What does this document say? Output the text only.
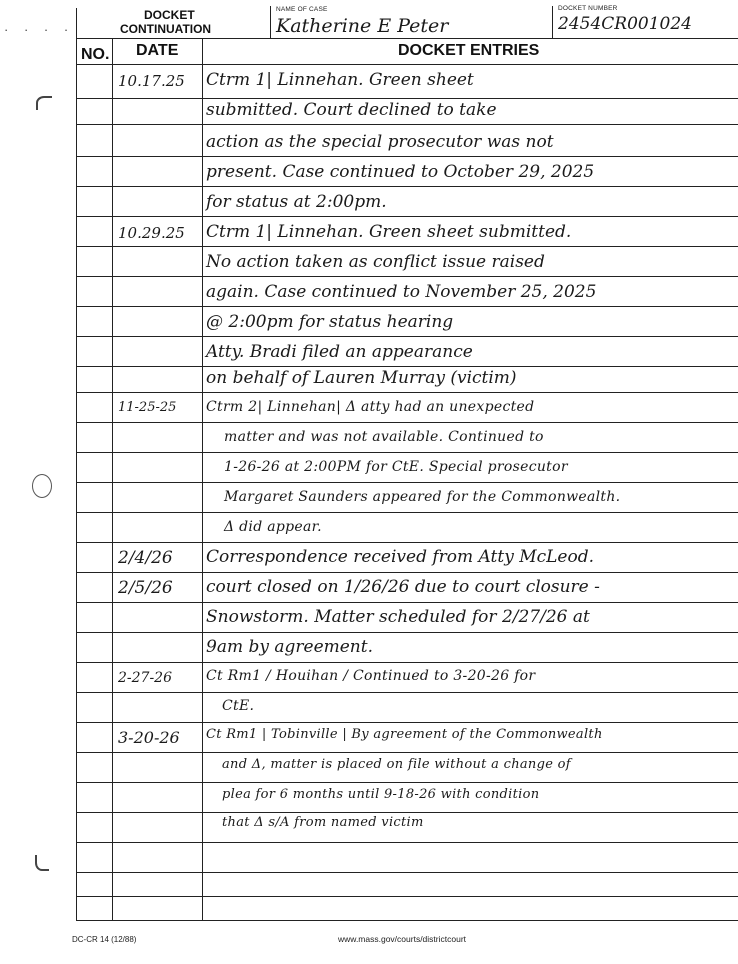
· · · ·
DOCKET
CONTINUATION
NAME OF CASE
Katherine E Peter
DOCKET NUMBER
2454CR001024
NO. DATE	DOCKET ENTRIES
10.17.25	Ctrm 1| Linnehan. Green sheet
submitted. Court declined to take
action as the special prosecutor was not
present. Case continued to October 29, 2025
for status at 2:00pm.
10.29.25	Ctrm 1| Linnehan. Green sheet submitted.
No action taken as conflict issue raised
again. Case continued to November 25, 2025
@ 2:00pm for status hearing
Atty. Bradi filed an appearance
on behalf of Lauren Murray (victim)
11-25-25	Ctrm 2| Linnehan| Δ atty had an unexpected
matter and was not available. Continued to
1-26-26 at 2:00PM for CtE. Special prosecutor
Margaret Saunders appeared for the Commonwealth.
Δ did appear.
2/4/26	Correspondence received from Atty McLeod.
2/5/26	court closed on 1/26/26 due to court closure -
Snowstorm. Matter scheduled for 2/27/26 at
9am by agreement.
2-27-26	Ct Rm1 / Houihan / Continued to 3-20-26 for
CtE.
3-20-26	Ct Rm1 | Tobinville | By agreement of the Commonwealth
and Δ, matter is placed on file without a change of
plea for 6 months until 9-18-26 with condition
that Δ s/A from named victim
DC-CR 14 (12/88)	www.mass.gov/courts/districtcourt
